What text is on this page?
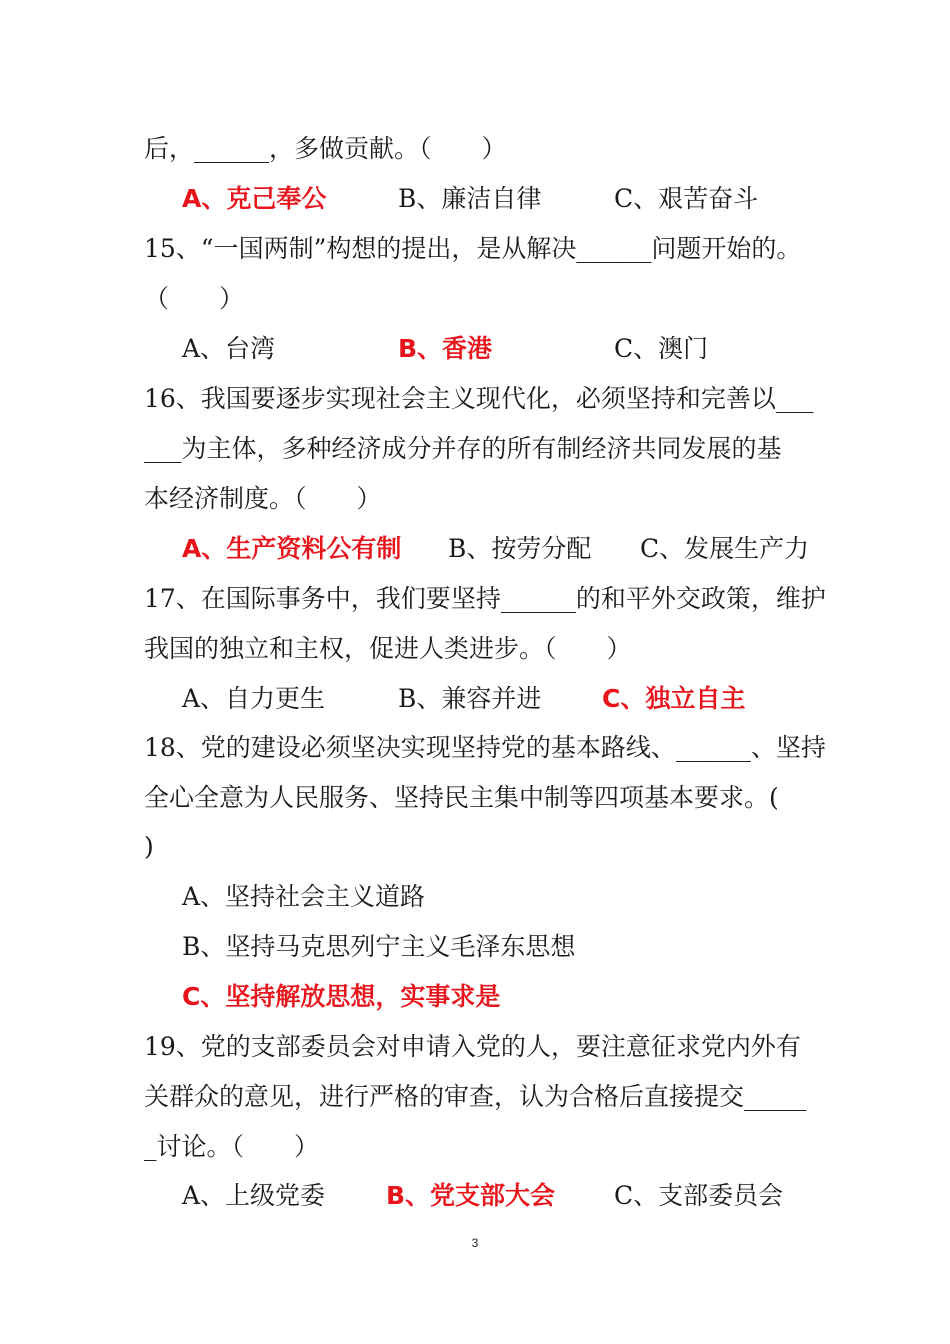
后，______，多做贡献。（　　）
A、克己奉公	B、廉洁自律	C、艰苦奋斗
15、“一国两制”构想的提出，是从解决______问题开始的。
（　　）
A、台湾	B、香港	C、澳门
16、我国要逐步实现社会主义现代化，必须坚持和完善以___
___为主体，多种经济成分并存的所有制经济共同发展的基
本经济制度。（　　）
A、生产资料公有制 B、按劳分配 C、发展生产力
17、在国际事务中，我们要坚持______的和平外交政策，维护
我国的独立和主权，促进人类进步。（　　）
A、自力更生	B、兼容并进 C、独立自主
18、党的建设必须坚决实现坚持党的基本路线、______、坚持
全心全意为人民服务、坚持民主集中制等四项基本要求。(
)
A、坚持社会主义道路
B、坚持马克思列宁主义毛泽东思想
C、坚持解放思想，实事求是
19、党的支部委员会对申请入党的人，要注意征求党内外有
关群众的意见，进行严格的审查，认为合格后直接提交_____
_讨论。（　　）
A、上级党委 B、党支部大会 C、支部委员会
3
